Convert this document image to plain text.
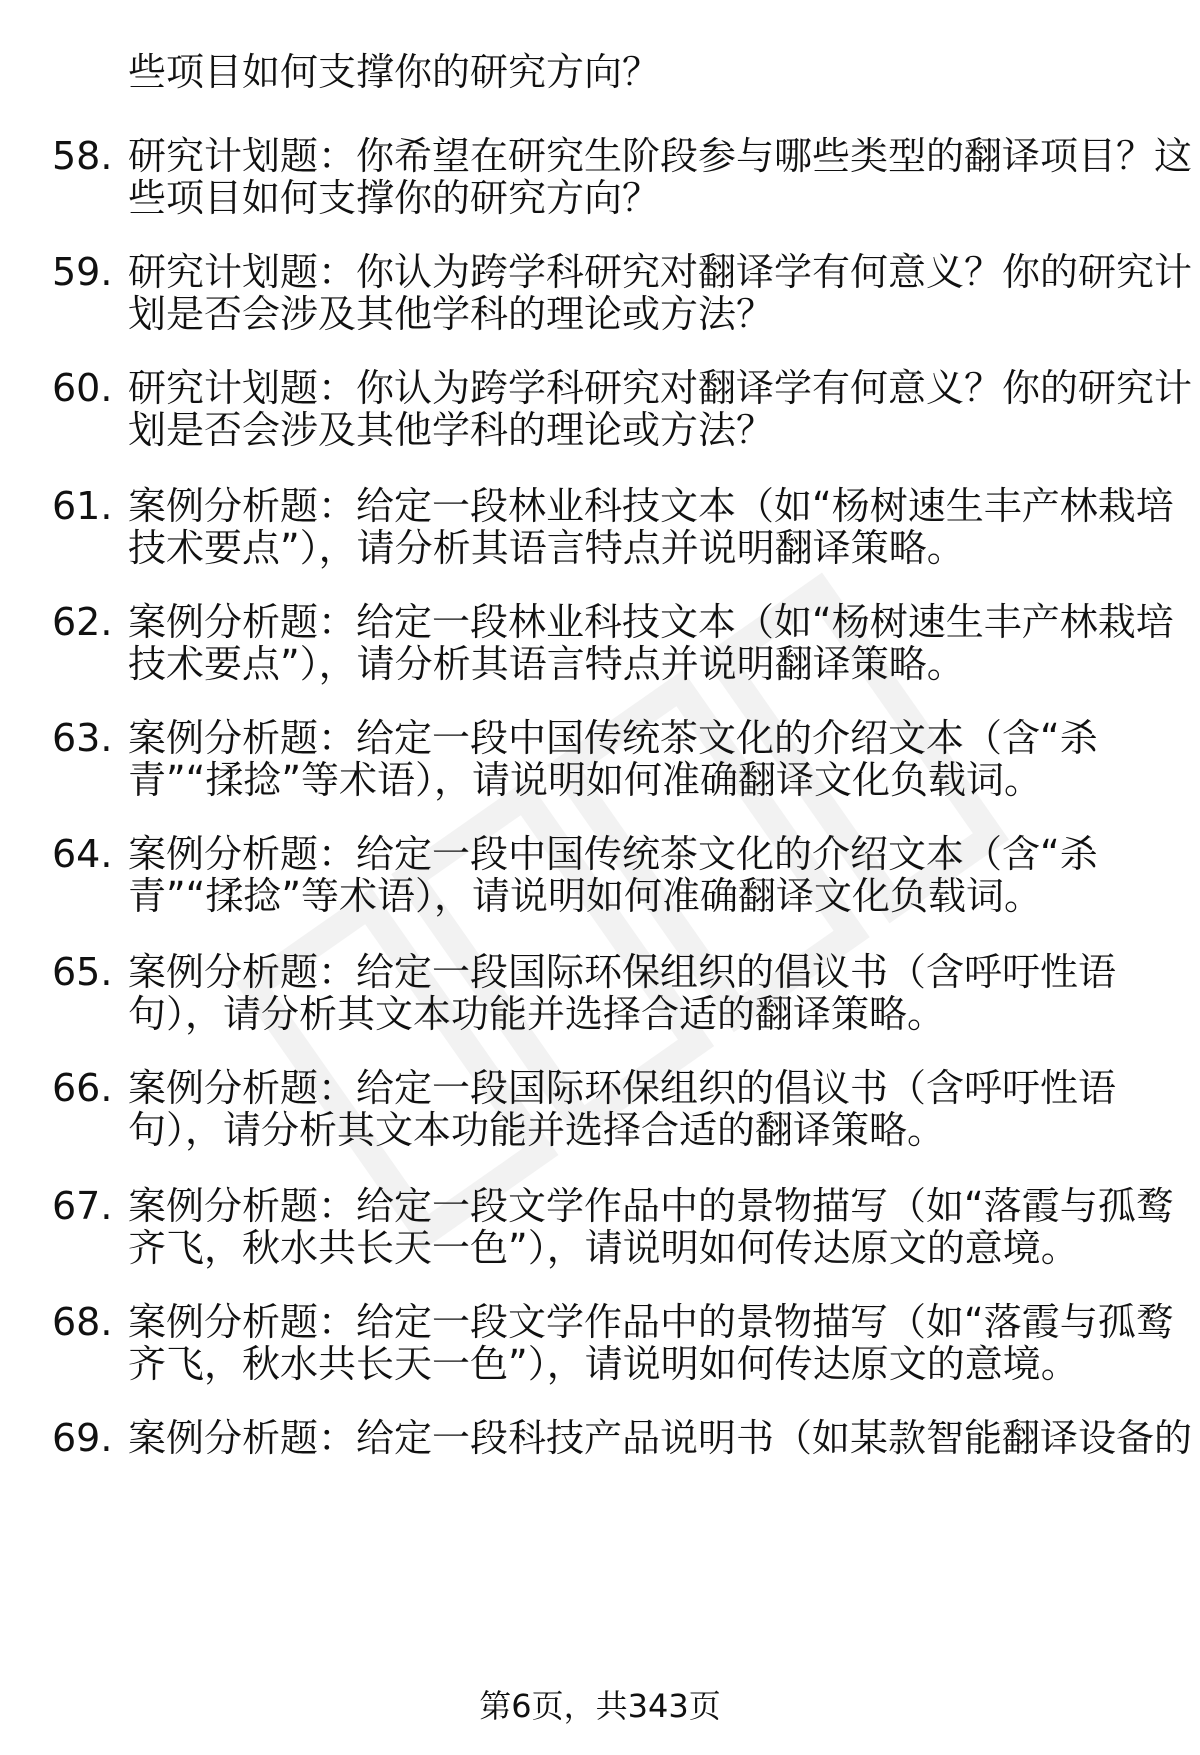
些项目如何支撑你的研究方向？
58. 研究计划题：你希望在研究生阶段参与哪些类型的翻译项目？这
些项目如何支撑你的研究方向？
59. 研究计划题：你认为跨学科研究对翻译学有何意义？你的研究计
划是否会涉及其他学科的理论或方法？
60. 研究计划题：你认为跨学科研究对翻译学有何意义？你的研究计
划是否会涉及其他学科的理论或方法？
61. 案例分析题：给定一段林业科技文本（如“杨树速生丰产林栽培
技术要点”），请分析其语言特点并说明翻译策略。
62. 案例分析题：给定一段林业科技文本（如“杨树速生丰产林栽培
技术要点”），请分析其语言特点并说明翻译策略。
63. 案例分析题：给定一段中国传统茶文化的介绍文本（含“杀
青”“揉捻”等术语），请说明如何准确翻译文化负载词。
64. 案例分析题：给定一段中国传统茶文化的介绍文本（含“杀
青”“揉捻”等术语），请说明如何准确翻译文化负载词。
65. 案例分析题：给定一段国际环保组织的倡议书（含呼吁性语
句），请分析其文本功能并选择合适的翻译策略。
66. 案例分析题：给定一段国际环保组织的倡议书（含呼吁性语
句），请分析其文本功能并选择合适的翻译策略。
67. 案例分析题：给定一段文学作品中的景物描写（如“落霞与孤鹜
齐飞，秋水共长天一色”），请说明如何传达原文的意境。
68. 案例分析题：给定一段文学作品中的景物描写（如“落霞与孤鹜
齐飞，秋水共长天一色”），请说明如何传达原文的意境。
69. 案例分析题：给定一段科技产品说明书（如某款智能翻译设备的
第6页，共343页
